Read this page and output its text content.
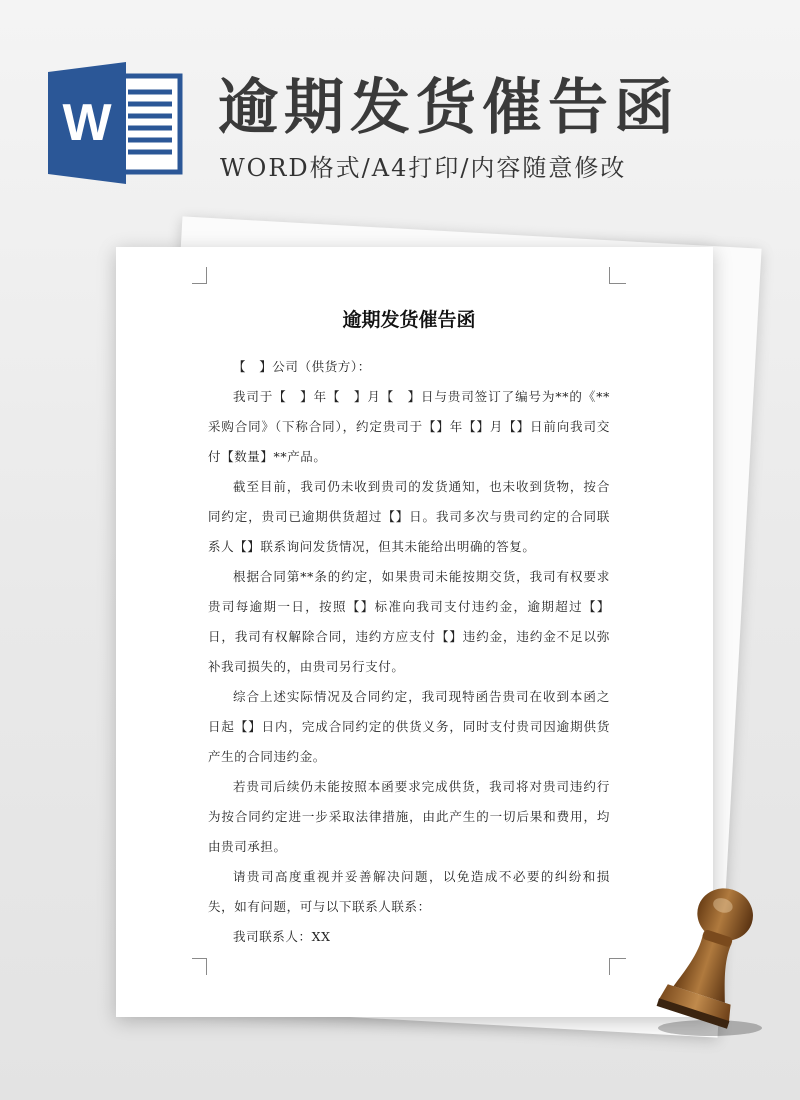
W 逾期发货催告函
WORD格式/A4打印/内容随意修改
逾期发货催告函

【　】公司（供货方）：

我司于【　】年【　】月【　】日与贵司签订了编号为**的《**采购合同》（下称合同），约定贵司于【】年【】月【】日前向我司交付【数量】**产品。

截至目前，我司仍未收到贵司的发货通知，也未收到货物，按合同约定，贵司已逾期供货超过【】日。我司多次与贵司约定的合同联系人【】联系询问发货情况，但其未能给出明确的答复。

根据合同第**条的约定，如果贵司未能按期交货，我司有权要求贵司每逾期一日，按照【】标准向我司支付违约金，逾期超过【】日，我司有权解除合同，违约方应支付【】违约金，违约金不足以弥补我司损失的，由贵司另行支付。

综合上述实际情况及合同约定，我司现特函告贵司在收到本函之日起【】日内，完成合同约定的供货义务，同时支付贵司因逾期供货产生的合同违约金。

若贵司后续仍未能按照本函要求完成供货，我司将对贵司违约行为按合同约定进一步采取法律措施，由此产生的一切后果和费用，均由贵司承担。

请贵司高度重视并妥善解决问题，以免造成不必要的纠纷和损失，如有问题，可与以下联系人联系：

我司联系人：XX
